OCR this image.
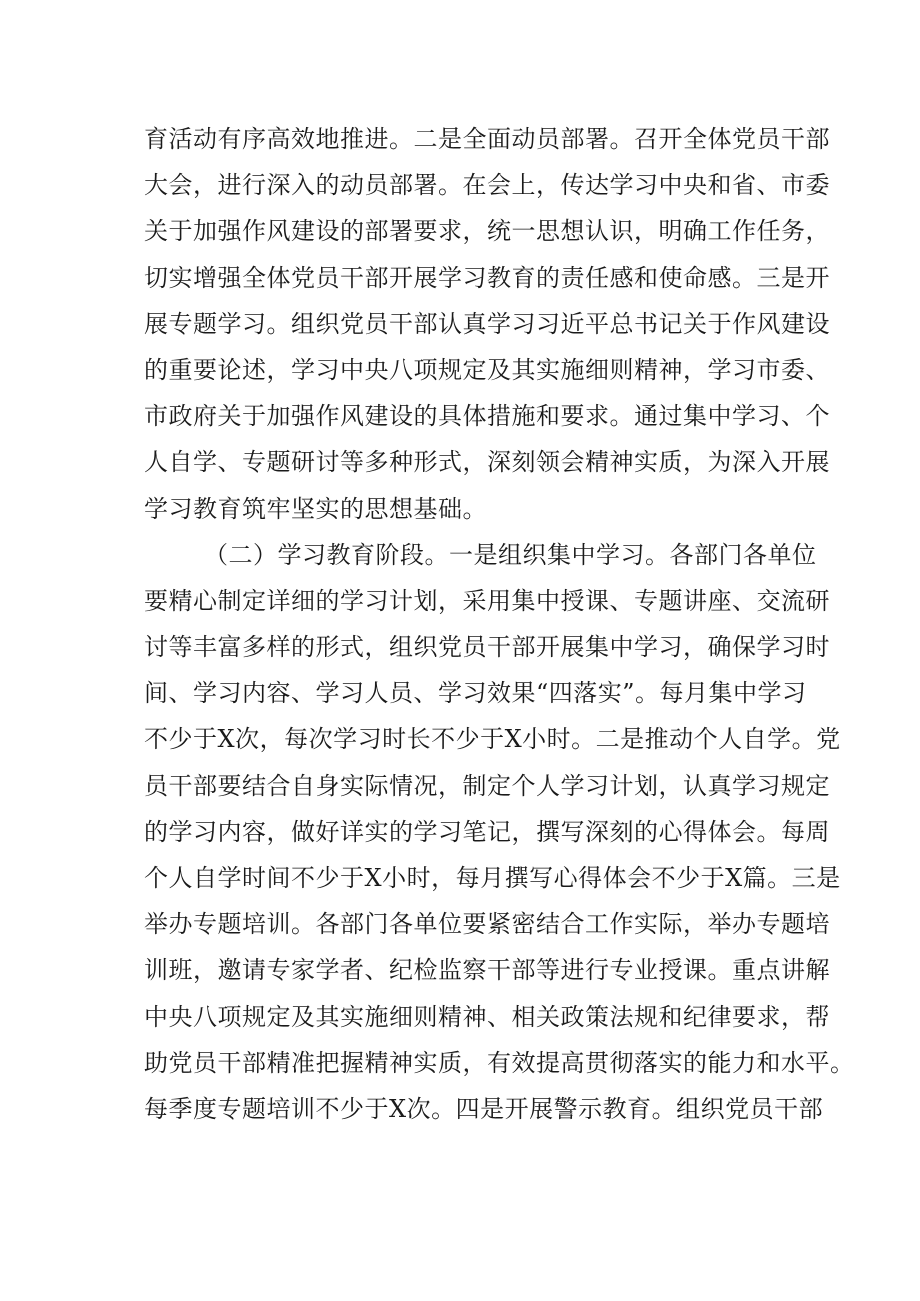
育活动有序高效地推进。二是全面动员部署。召开全体党员干部
大会，进行深入的动员部署。在会上，传达学习中央和省、市委
关于加强作风建设的部署要求，统一思想认识，明确工作任务，
切实增强全体党员干部开展学习教育的责任感和使命感。三是开
展专题学习。组织党员干部认真学习习近平总书记关于作风建设
的重要论述，学习中央八项规定及其实施细则精神，学习市委、
市政府关于加强作风建设的具体措施和要求。通过集中学习、个
人自学、专题研讨等多种形式，深刻领会精神实质，为深入开展
学习教育筑牢坚实的思想基础。
（二）学习教育阶段。一是组织集中学习。各部门各单位
要精心制定详细的学习计划，采用集中授课、专题讲座、交流研
讨等丰富多样的形式，组织党员干部开展集中学习，确保学习时
间、学习内容、学习人员、学习效果“四落实”。每月集中学习
不少于X次，每次学习时长不少于X小时。二是推动个人自学。党
员干部要结合自身实际情况，制定个人学习计划，认真学习规定
的学习内容，做好详实的学习笔记，撰写深刻的心得体会。每周
个人自学时间不少于X小时，每月撰写心得体会不少于X篇。三是
举办专题培训。各部门各单位要紧密结合工作实际，举办专题培
训班，邀请专家学者、纪检监察干部等进行专业授课。重点讲解
中央八项规定及其实施细则精神、相关政策法规和纪律要求，帮
助党员干部精准把握精神实质，有效提高贯彻落实的能力和水平。
每季度专题培训不少于X次。四是开展警示教育。组织党员干部
